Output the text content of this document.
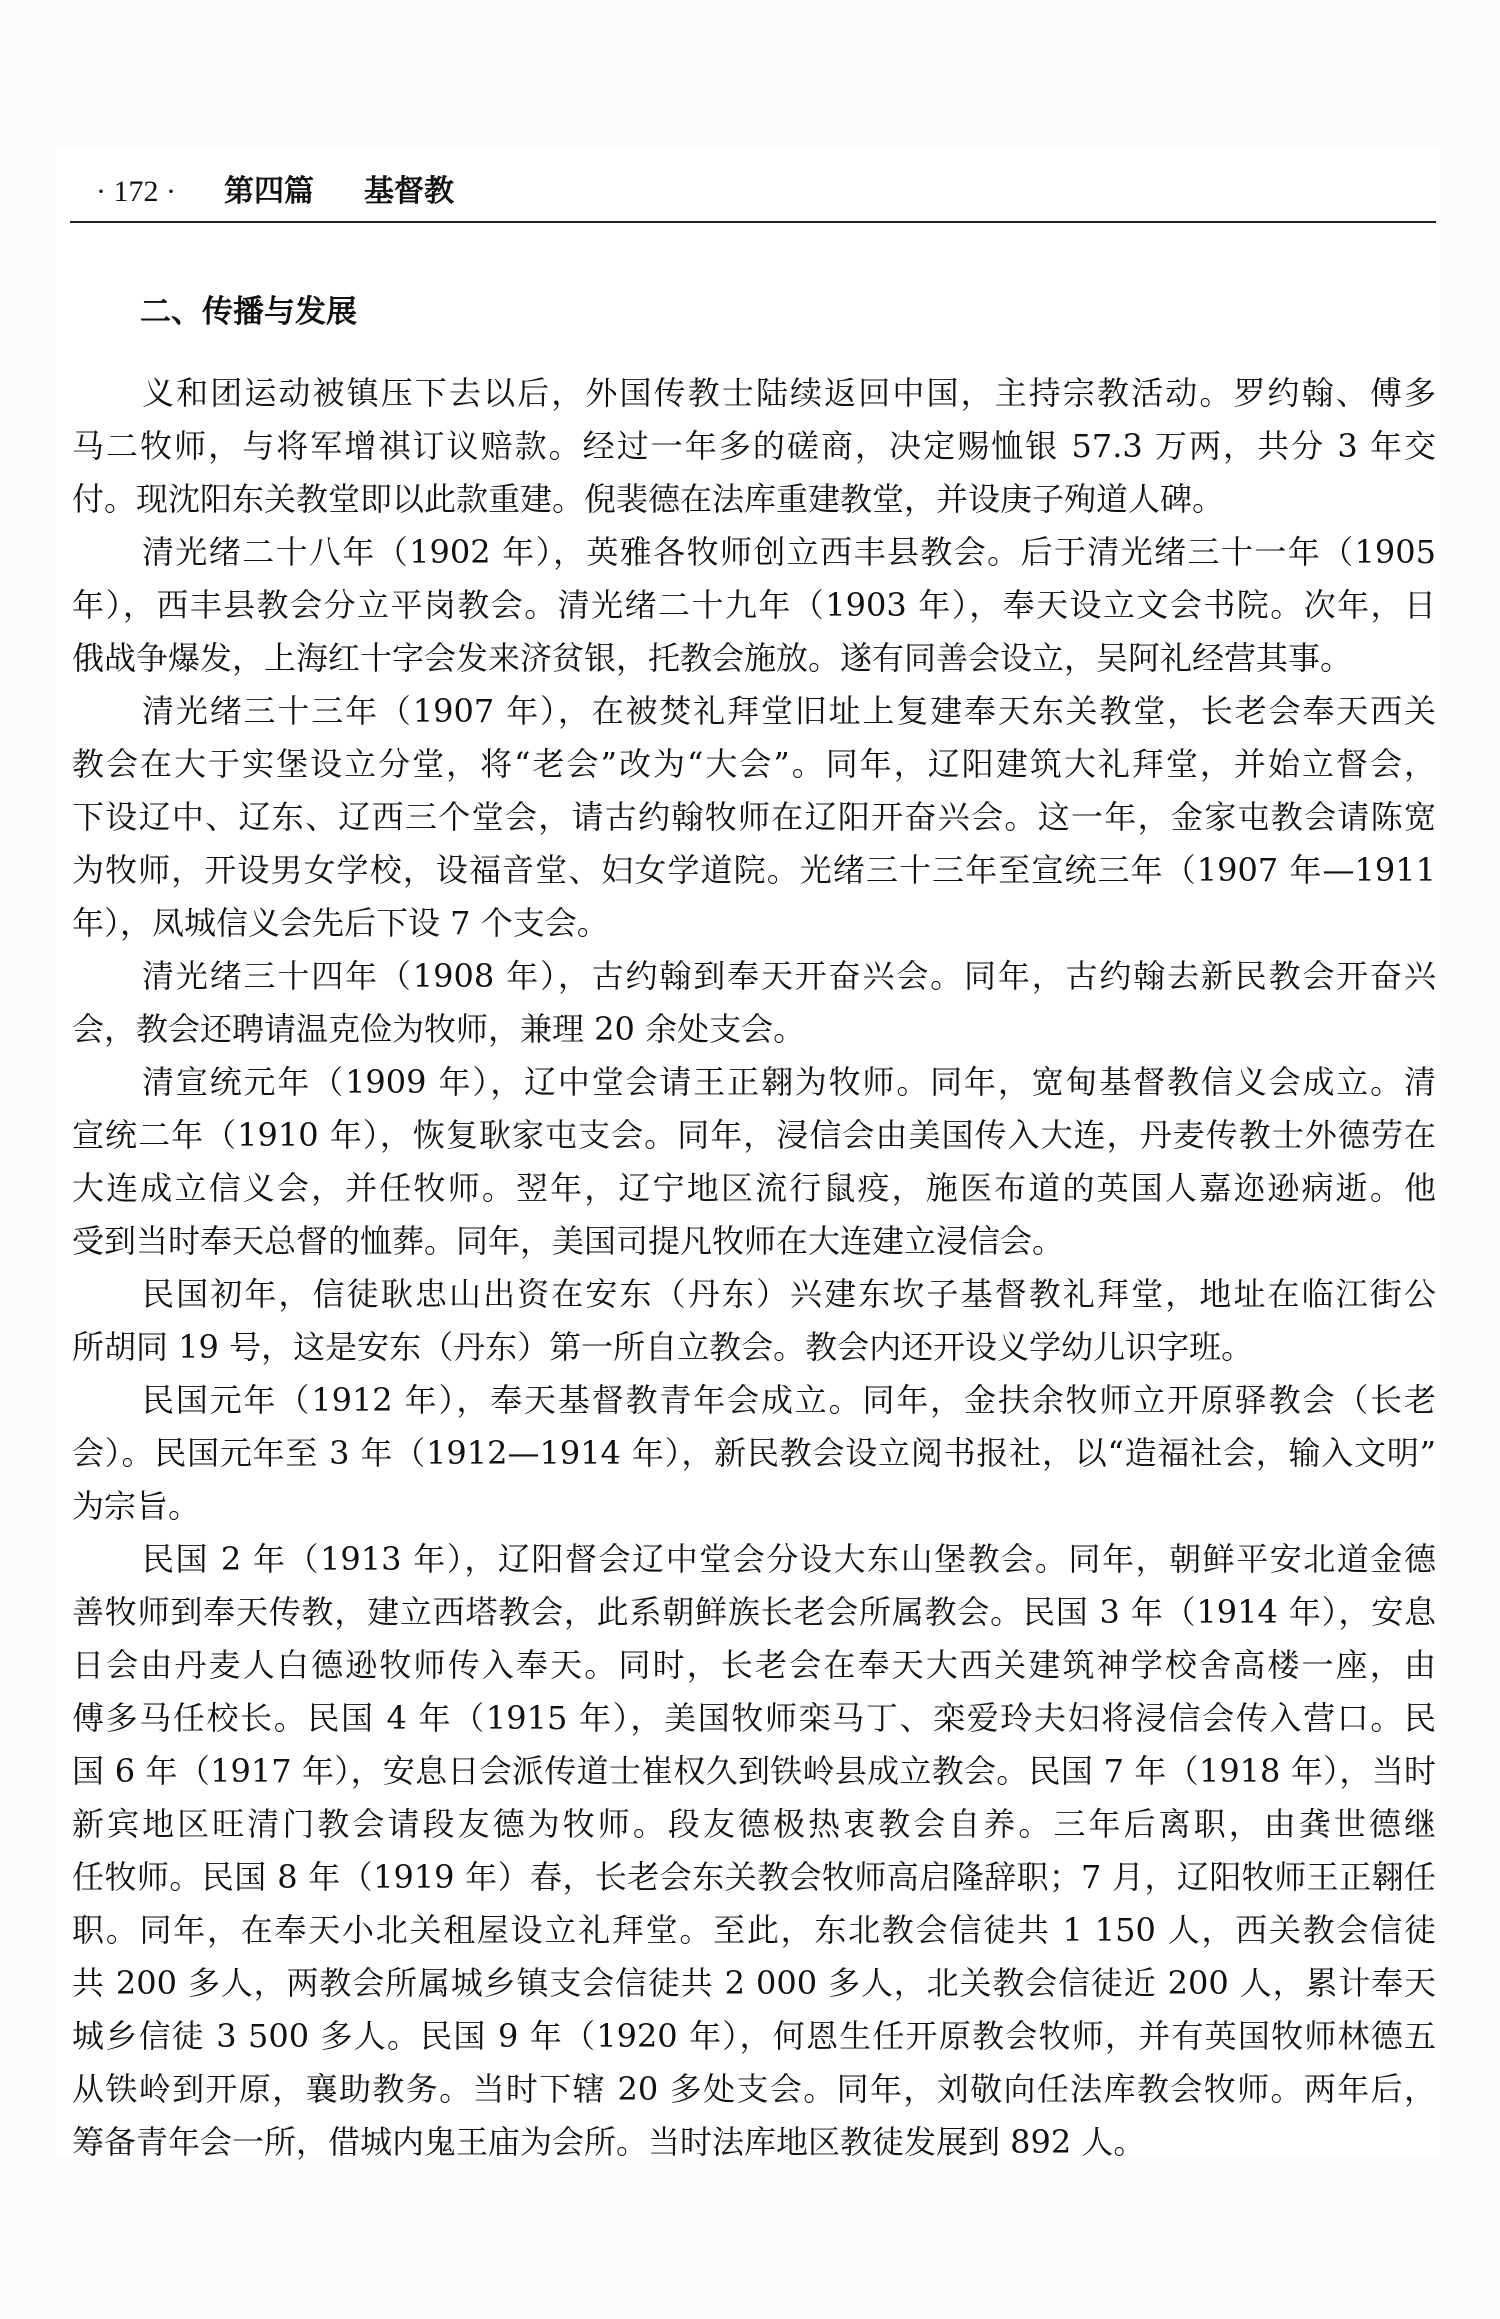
· 172 · 第四篇 基督教
二、传播与发展
义和团运动被镇压下去以后，外国传教士陆续返回中国，主持宗教活动。罗约翰、傅多
马二牧师，与将军增祺订议赔款。经过一年多的磋商，决定赐恤银 57.3 万两，共分 3 年交
付。现沈阳东关教堂即以此款重建。倪裴德在法库重建教堂，并设庚子殉道人碑。
清光绪二十八年（1902 年），英雅各牧师创立西丰县教会。后于清光绪三十一年（1905
年），西丰县教会分立平岗教会。清光绪二十九年（1903 年），奉天设立文会书院。次年，日
俄战争爆发，上海红十字会发来济贫银，托教会施放。遂有同善会设立，吴阿礼经营其事。
清光绪三十三年（1907 年），在被焚礼拜堂旧址上复建奉天东关教堂，长老会奉天西关
教会在大于实堡设立分堂，将“老会”改为“大会”。同年，辽阳建筑大礼拜堂，并始立督会，
下设辽中、辽东、辽西三个堂会，请古约翰牧师在辽阳开奋兴会。这一年，金家屯教会请陈宽
为牧师，开设男女学校，设福音堂、妇女学道院。光绪三十三年至宣统三年（1907 年—1911
年），凤城信义会先后下设 7 个支会。
清光绪三十四年（1908 年），古约翰到奉天开奋兴会。同年，古约翰去新民教会开奋兴
会，教会还聘请温克俭为牧师，兼理 20 余处支会。
清宣统元年（1909 年），辽中堂会请王正翱为牧师。同年，宽甸基督教信义会成立。清
宣统二年（1910 年），恢复耿家屯支会。同年，浸信会由美国传入大连，丹麦传教士外德劳在
大连成立信义会，并任牧师。翌年，辽宁地区流行鼠疫，施医布道的英国人嘉迩逊病逝。他
受到当时奉天总督的恤葬。同年，美国司提凡牧师在大连建立浸信会。
民国初年，信徒耿忠山出资在安东（丹东）兴建东坎子基督教礼拜堂，地址在临江街公
所胡同 19 号，这是安东（丹东）第一所自立教会。教会内还开设义学幼儿识字班。
民国元年（1912 年），奉天基督教青年会成立。同年，金扶余牧师立开原驿教会（长老
会）。民国元年至 3 年（1912—1914 年），新民教会设立阅书报社，以“造福社会，输入文明”
为宗旨。
民国 2 年（1913 年），辽阳督会辽中堂会分设大东山堡教会。同年，朝鲜平安北道金德
善牧师到奉天传教，建立西塔教会，此系朝鲜族长老会所属教会。民国 3 年（1914 年），安息
日会由丹麦人白德逊牧师传入奉天。同时，长老会在奉天大西关建筑神学校舍高楼一座，由
傅多马任校长。民国 4 年（1915 年），美国牧师栾马丁、栾爱玲夫妇将浸信会传入营口。民
国 6 年（1917 年），安息日会派传道士崔权久到铁岭县成立教会。民国 7 年（1918 年），当时
新宾地区旺清门教会请段友德为牧师。段友德极热衷教会自养。三年后离职，由龚世德继
任牧师。民国 8 年（1919 年）春，长老会东关教会牧师高启隆辞职；7 月，辽阳牧师王正翱任
职。同年，在奉天小北关租屋设立礼拜堂。至此，东北教会信徒共 1 150 人，西关教会信徒
共 200 多人，两教会所属城乡镇支会信徒共 2 000 多人，北关教会信徒近 200 人，累计奉天
城乡信徒 3 500 多人。民国 9 年（1920 年），何恩生任开原教会牧师，并有英国牧师林德五
从铁岭到开原，襄助教务。当时下辖 20 多处支会。同年，刘敬向任法库教会牧师。两年后，
筹备青年会一所，借城内鬼王庙为会所。当时法库地区教徒发展到 892 人。
